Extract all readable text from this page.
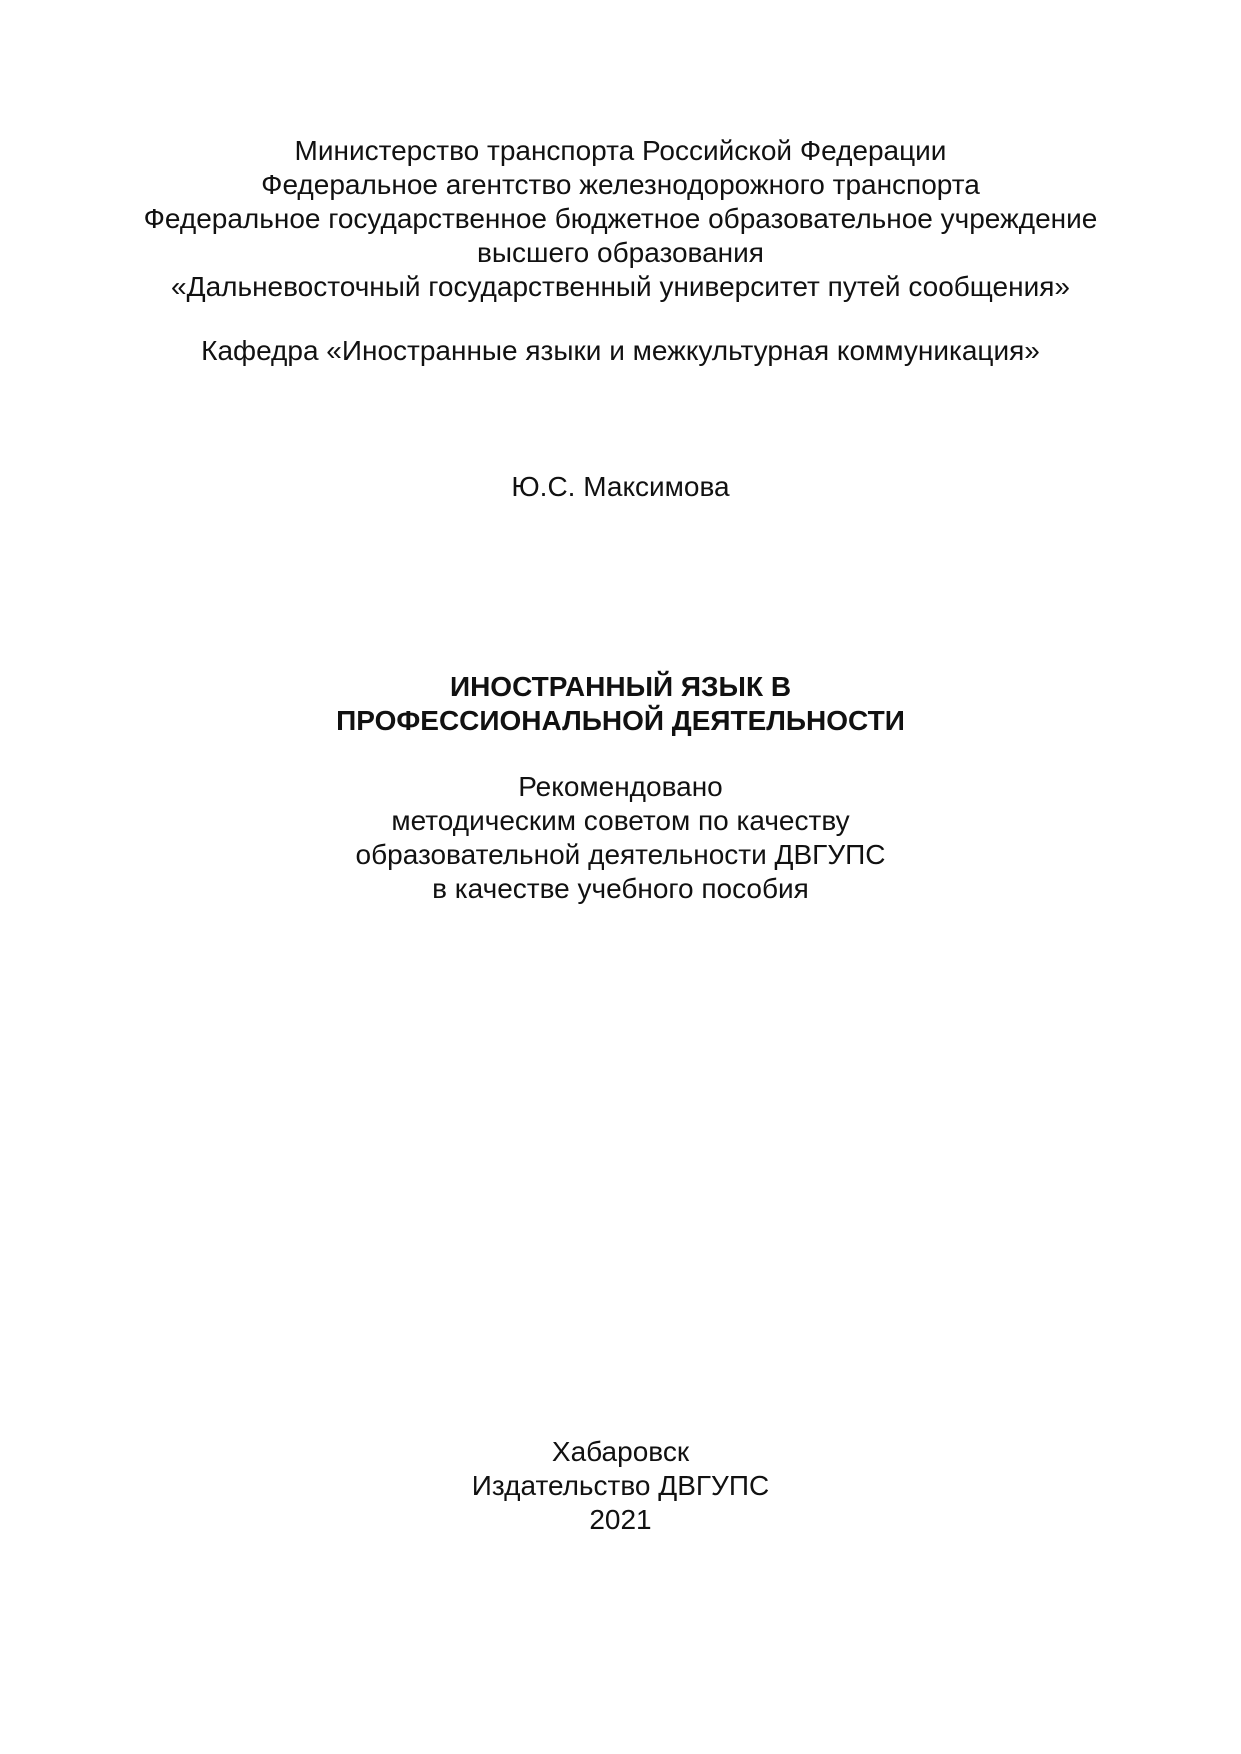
Министерство транспорта Российской Федерации
Федеральное агентство железнодорожного транспорта
Федеральное государственное бюджетное образовательное учреждение
высшего образования
«Дальневосточный государственный университет путей сообщения»
Кафедра «Иностранные языки и межкультурная коммуникация»
Ю.С. Максимова
ИНОСТРАННЫЙ ЯЗЫК В
ПРОФЕССИОНАЛЬНОЙ ДЕЯТЕЛЬНОСТИ
Рекомендовано
методическим советом по качеству
образовательной деятельности ДВГУПС
в качестве учебного пособия
Хабаровск
Издательство ДВГУПС
2021
